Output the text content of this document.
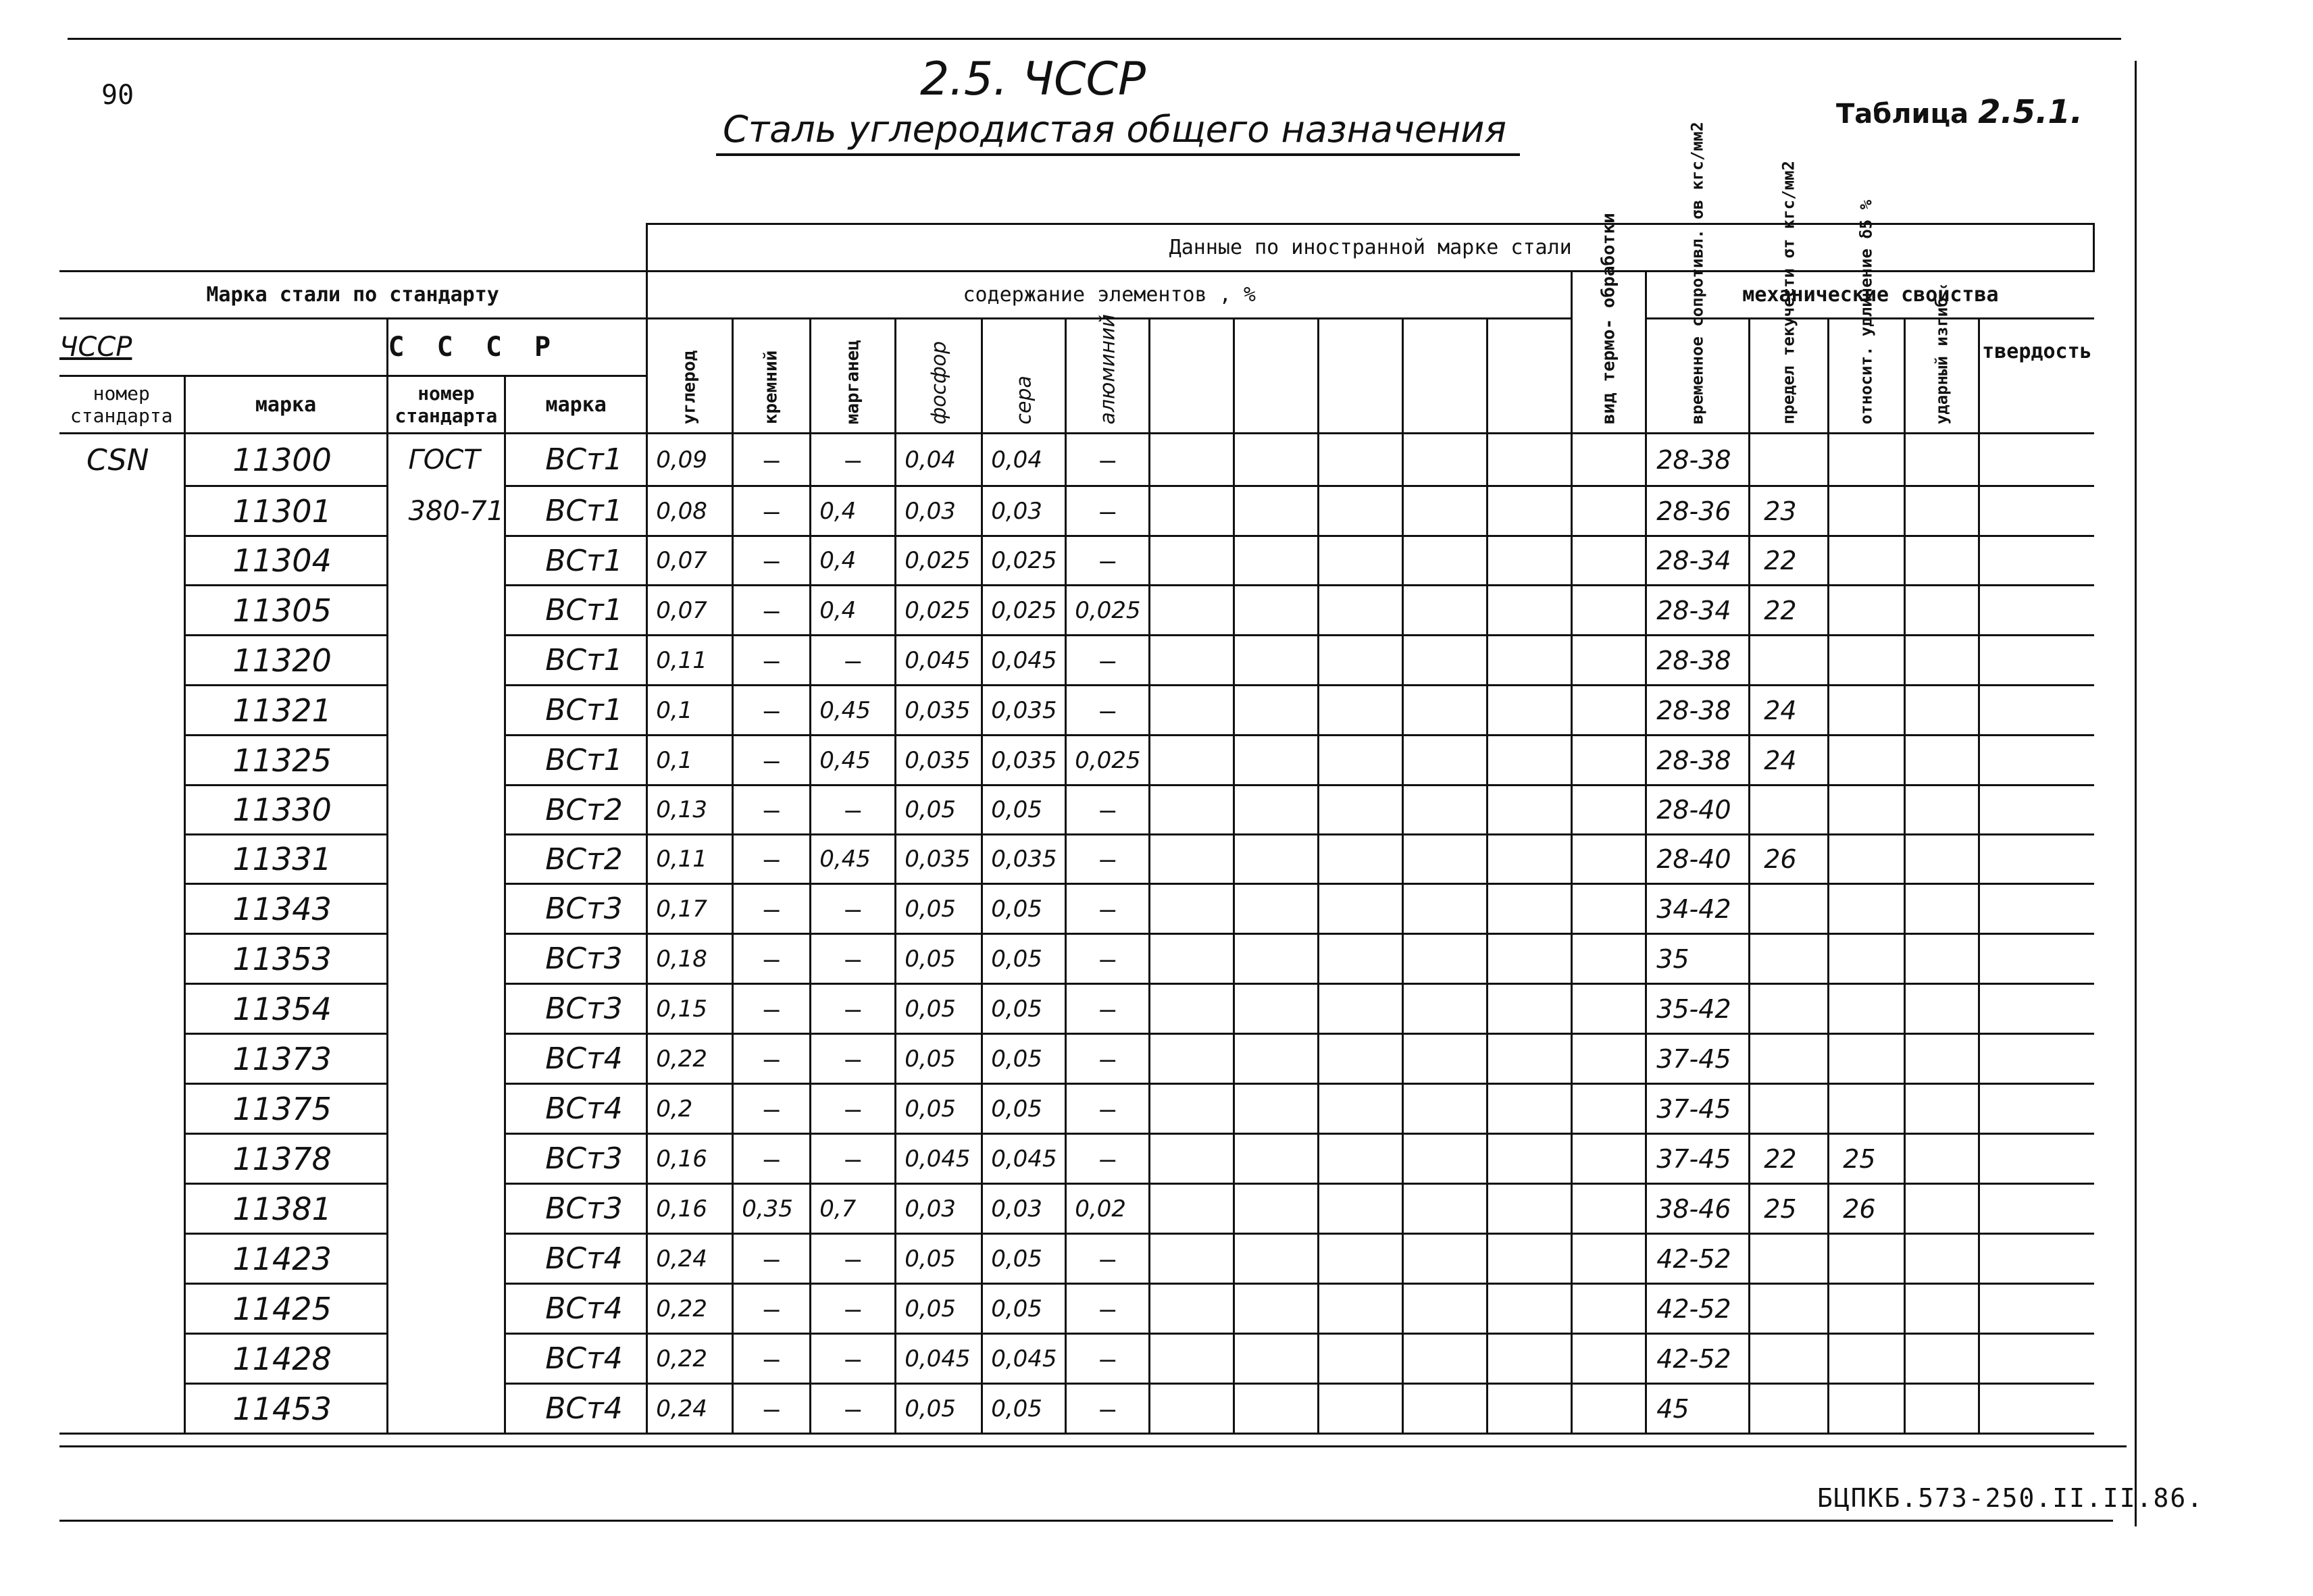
90	2.5. ЧССР
Сталь углеродистая общего назначения	Таблица 2.5.1.
				Данные по иностранной марке стали																
Марка стали по стандарту				содержание элементов , %											вид термо- обработки	механические свойства				
ЧССР		С С С Р		углерод	кремний	марганец	фосфор	сера	алюминий							временное сопротивл. σв кгс/мм2	предел текучести σт кгс/мм2	относит. удлинение δ5 %	ударный изгиб	твердость
номер стандарта	марка	номер стандарта	марка																	
CSN	11300	ГОСТ	ВСт1	0,09	–	–	0,04	0,04	–							28-38				
	11301	380-71	ВСт1	0,08	–	0,4	0,03	0,03	–							28-36	23			
	11304		ВСт1	0,07	–	0,4	0,025	0,025	–							28-34	22			
	11305		ВСт1	0,07	–	0,4	0,025	0,025	0,025							28-34	22			
	11320		ВСт1	0,11	–	–	0,045	0,045	–							28-38				
	11321		ВСт1	0,1	–	0,45	0,035	0,035	–							28-38	24			
	11325		ВСт1	0,1	–	0,45	0,035	0,035	0,025							28-38	24			
	11330		ВСт2	0,13	–	–	0,05	0,05	–							28-40				
	11331		ВСт2	0,11	–	0,45	0,035	0,035	–							28-40	26			
	11343		ВСт3	0,17	–	–	0,05	0,05	–							34-42				
	11353		ВСт3	0,18	–	–	0,05	0,05	–							35				
	11354		ВСт3	0,15	–	–	0,05	0,05	–							35-42				
	11373		ВСт4	0,22	–	–	0,05	0,05	–							37-45				
	11375		ВСт4	0,2	–	–	0,05	0,05	–							37-45				
	11378		ВСт3	0,16	–	–	0,045	0,045	–							37-45	22	25		
	11381		ВСт3	0,16	0,35	0,7	0,03	0,03	0,02							38-46	25	26		
	11423		ВСт4	0,24	–	–	0,05	0,05	–							42-52				
	11425		ВСт4	0,22	–	–	0,05	0,05	–							42-52				
	11428		ВСт4	0,22	–	–	0,045	0,045	–							42-52				
	11453		ВСт4	0,24	–	–	0,05	0,05	–							45				
БЦПКБ.573-250.II.II.86.
